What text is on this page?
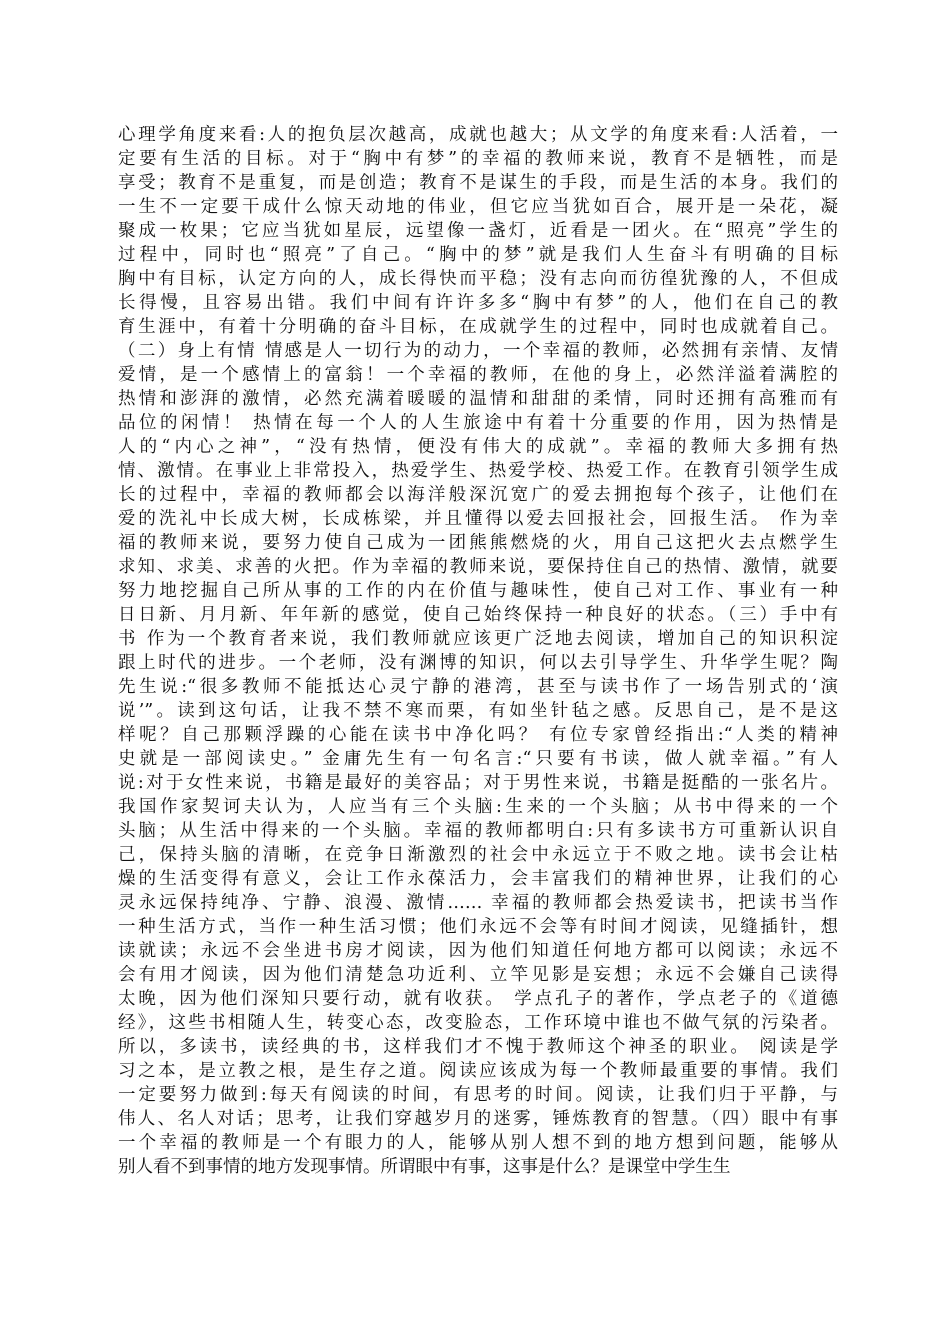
心理学角度来看:人的抱负层次越高，成就也越大；从文学的角度来看:人活着，一
定要有生活的目标。对于“胸中有梦”的幸福的教师来说，教育不是牺牲，而是
享受；教育不是重复，而是创造；教育不是谋生的手段，而是生活的本身。我们的
一生不一定要干成什么惊天动地的伟业，但它应当犹如百合，展开是一朵花，凝
聚成一枚果；它应当犹如星辰，远望像一盏灯，近看是一团火。在“照亮”学生的
过程中，同时也“照亮”了自己。“胸中的梦”就是我们人生奋斗有明确的目标
胸中有目标，认定方向的人，成长得快而平稳；没有志向而彷徨犹豫的人，不但成
长得慢，且容易出错。我们中间有许许多多“胸中有梦”的人，他们在自己的教
育生涯中，有着十分明确的奋斗目标，在成就学生的过程中，同时也成就着自己。
（二）身上有情 情感是人一切行为的动力，一个幸福的教师，必然拥有亲情、友情
爱情，是一个感情上的富翁！一个幸福的教师，在他的身上，必然洋溢着满腔的
热情和澎湃的激情，必然充满着暖暖的温情和甜甜的柔情，同时还拥有高雅而有
品位的闲情！ 热情在每一个人的人生旅途中有着十分重要的作用，因为热情是
人的“内心之神”，“没有热情，便没有伟大的成就”。幸福的教师大多拥有热
情、激情。在事业上非常投入，热爱学生、热爱学校、热爱工作。在教育引领学生成
长的过程中，幸福的教师都会以海洋般深沉宽广的爱去拥抱每个孩子，让他们在
爱的洗礼中长成大树，长成栋梁，并且懂得以爱去回报社会，回报生活。 作为幸
福的教师来说，要努力使自己成为一团熊熊燃烧的火，用自己这把火去点燃学生
求知、求美、求善的火把。作为幸福的教师来说，要保持住自己的热情、激情，就要
努力地挖掘自己所从事的工作的内在价值与趣味性，使自己对工作、事业有一种
日日新、月月新、年年新的感觉，使自己始终保持一种良好的状态。（三）手中有
书 作为一个教育者来说，我们教师就应该更广泛地去阅读，增加自己的知识积淀
跟上时代的进步。一个老师，没有渊博的知识，何以去引导学生、升华学生呢？陶
先生说:“很多教师不能抵达心灵宁静的港湾，甚至与读书作了一场告别式的‘演
说’”。读到这句话，让我不禁不寒而栗，有如坐针毡之感。反思自己，是不是这
样呢？自己那颗浮躁的心能在读书中净化吗？ 有位专家曾经指出:“人类的精神
史就是一部阅读史。” 金庸先生有一句名言:“只要有书读，做人就幸福。”有人
说:对于女性来说，书籍是最好的美容品；对于男性来说，书籍是挺酷的一张名片。
我国作家契诃夫认为，人应当有三个头脑:生来的一个头脑；从书中得来的一个
头脑；从生活中得来的一个头脑。幸福的教师都明白:只有多读书方可重新认识自
己，保持头脑的清晰，在竞争日渐激烈的社会中永远立于不败之地。读书会让枯
燥的生活变得有意义，会让工作永葆活力，会丰富我们的精神世界，让我们的心
灵永远保持纯净、宁静、浪漫、激情…… 幸福的教师都会热爱读书，把读书当作
一种生活方式，当作一种生活习惯；他们永远不会等有时间才阅读，见缝插针，想
读就读；永远不会坐进书房才阅读，因为他们知道任何地方都可以阅读；永远不
会有用才阅读，因为他们清楚急功近利、立竿见影是妄想；永远不会嫌自己读得
太晚，因为他们深知只要行动，就有收获。 学点孔子的著作，学点老子的《道德
经》，这些书相随人生，转变心态，改变脸态，工作环境中谁也不做气氛的污染者。
所以，多读书，读经典的书，这样我们才不愧于教师这个神圣的职业。 阅读是学
习之本，是立教之根，是生存之道。阅读应该成为每一个教师最重要的事情。我们
一定要努力做到:每天有阅读的时间，有思考的时间。阅读，让我们归于平静，与
伟人、名人对话；思考，让我们穿越岁月的迷雾，锤炼教育的智慧。（四）眼中有事
一个幸福的教师是一个有眼力的人，能够从别人想不到的地方想到问题，能够从
别人看不到事情的地方发现事情。所谓眼中有事，这事是什么？是课堂中学生生
